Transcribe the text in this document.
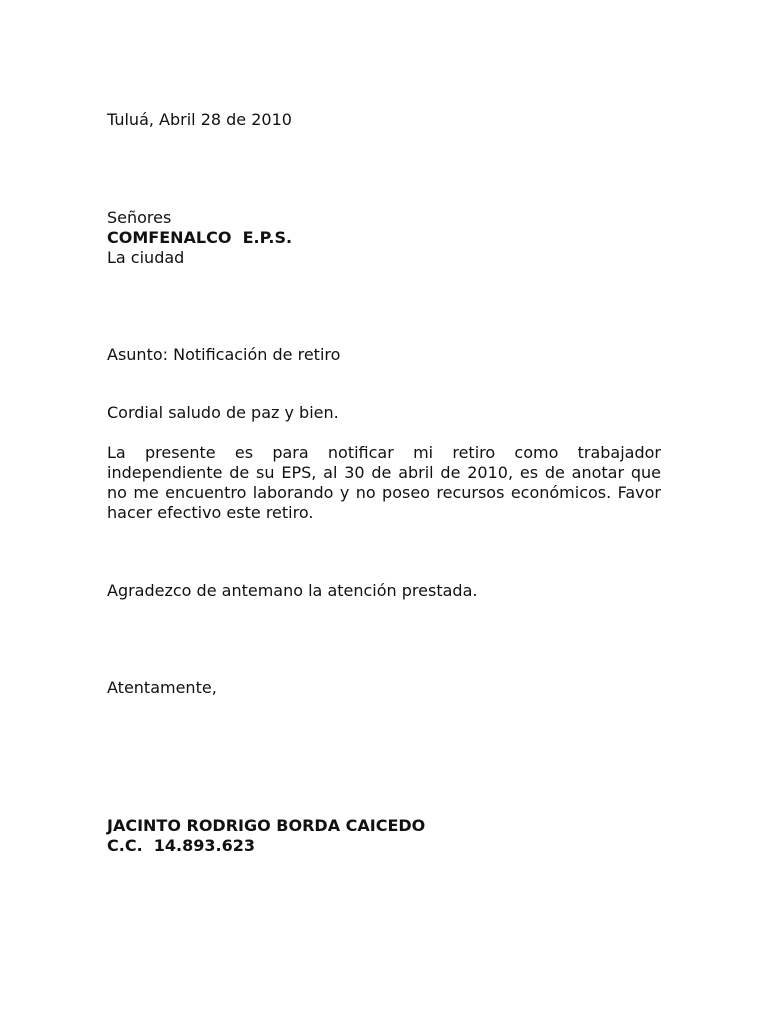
Tuluá, Abril 28 de 2010
Señores
COMFENALCO  E.P.S.
La ciudad
Asunto: Notificación de retiro
Cordial saludo de paz y bien.
La presente es para notificar mi retiro como trabajador independiente de su EPS, al 30 de abril de 2010, es de anotar que no me encuentro laborando y no poseo recursos económicos. Favor hacer efectivo este retiro.
Agradezco de antemano la atención prestada.
Atentamente,
JACINTO RODRIGO BORDA CAICEDO
C.C.  14.893.623
